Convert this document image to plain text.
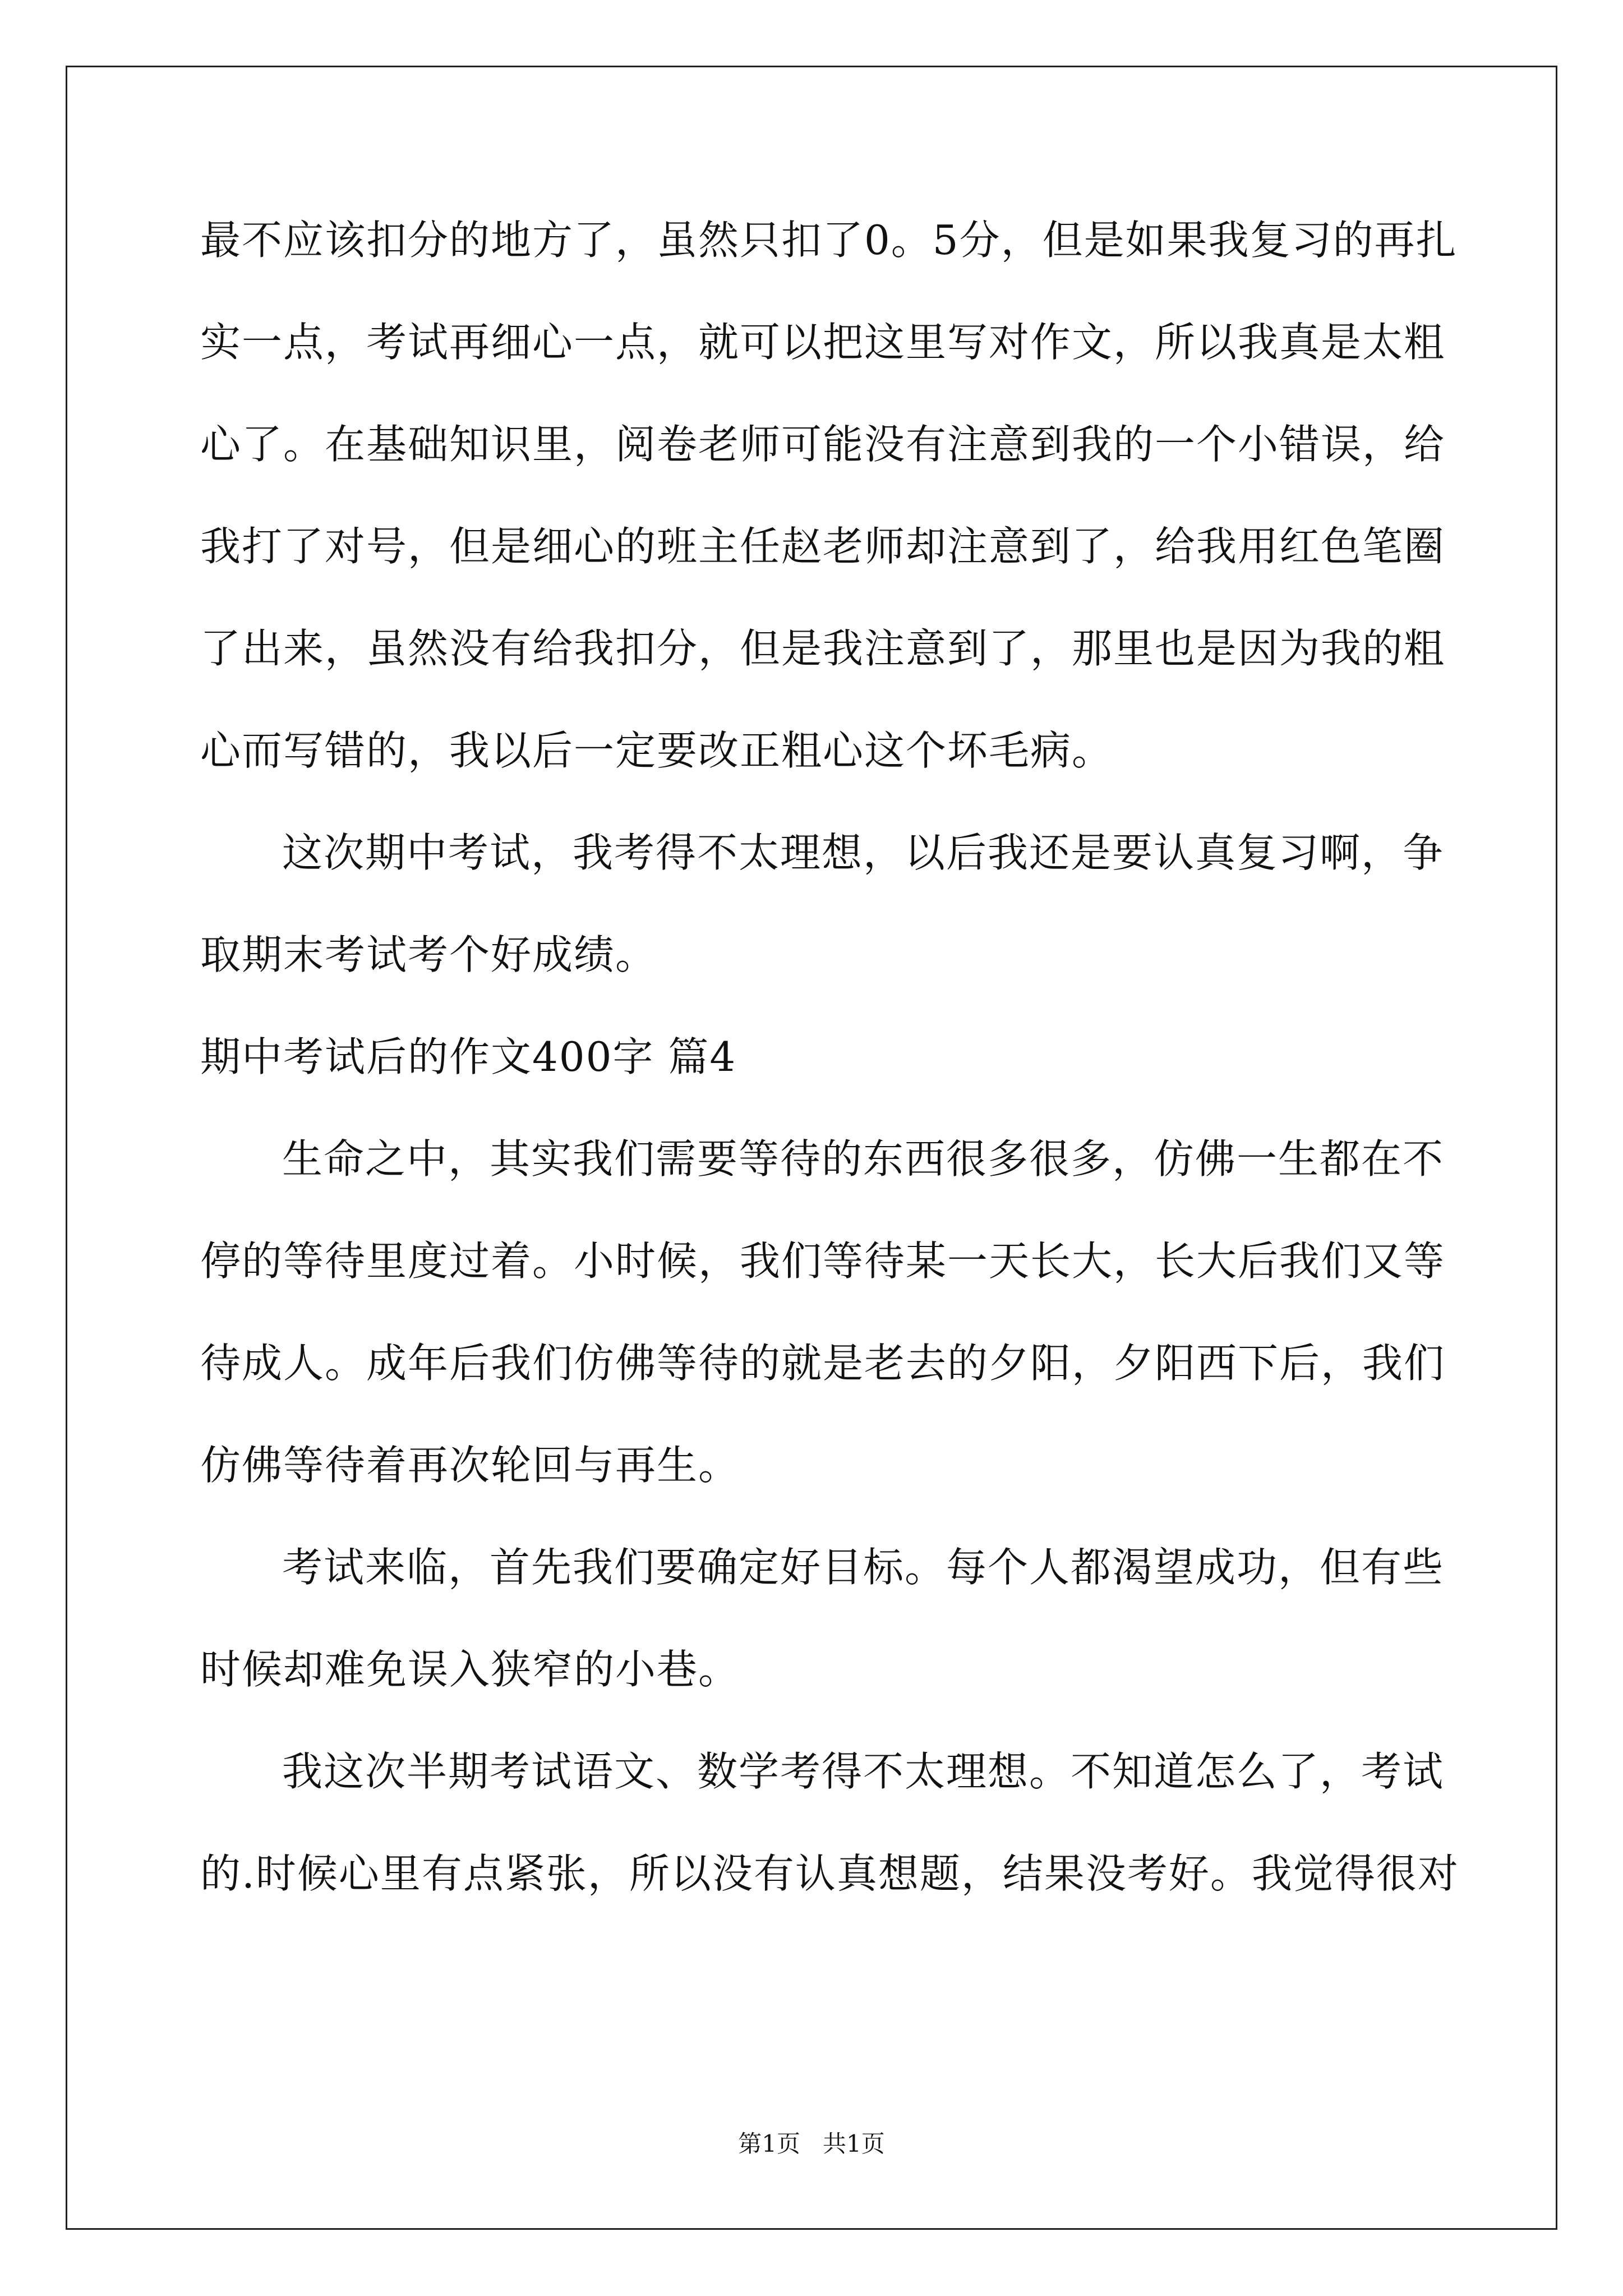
最不应该扣分的地方了，虽然只扣了0。5分，但是如果我复习的再扎

实一点，考试再细心一点，就可以把这里写对作文，所以我真是太粗

心了。在基础知识里，阅卷老师可能没有注意到我的一个小错误，给

我打了对号，但是细心的班主任赵老师却注意到了，给我用红色笔圈

了出来，虽然没有给我扣分，但是我注意到了，那里也是因为我的粗

心而写错的，我以后一定要改正粗心这个坏毛病。

这次期中考试，我考得不太理想，以后我还是要认真复习啊，争

取期末考试考个好成绩。

期中考试后的作文400字 篇4

生命之中，其实我们需要等待的东西很多很多，仿佛一生都在不

停的等待里度过着。小时候，我们等待某一天长大，长大后我们又等

待成人。成年后我们仿佛等待的就是老去的夕阳，夕阳西下后，我们

仿佛等待着再次轮回与再生。

考试来临，首先我们要确定好目标。每个人都渴望成功，但有些

时候却难免误入狭窄的小巷。

我这次半期考试语文、数学考得不太理想。不知道怎么了，考试

的.时候心里有点紧张，所以没有认真想题，结果没考好。我觉得很对

第1页   共1页
